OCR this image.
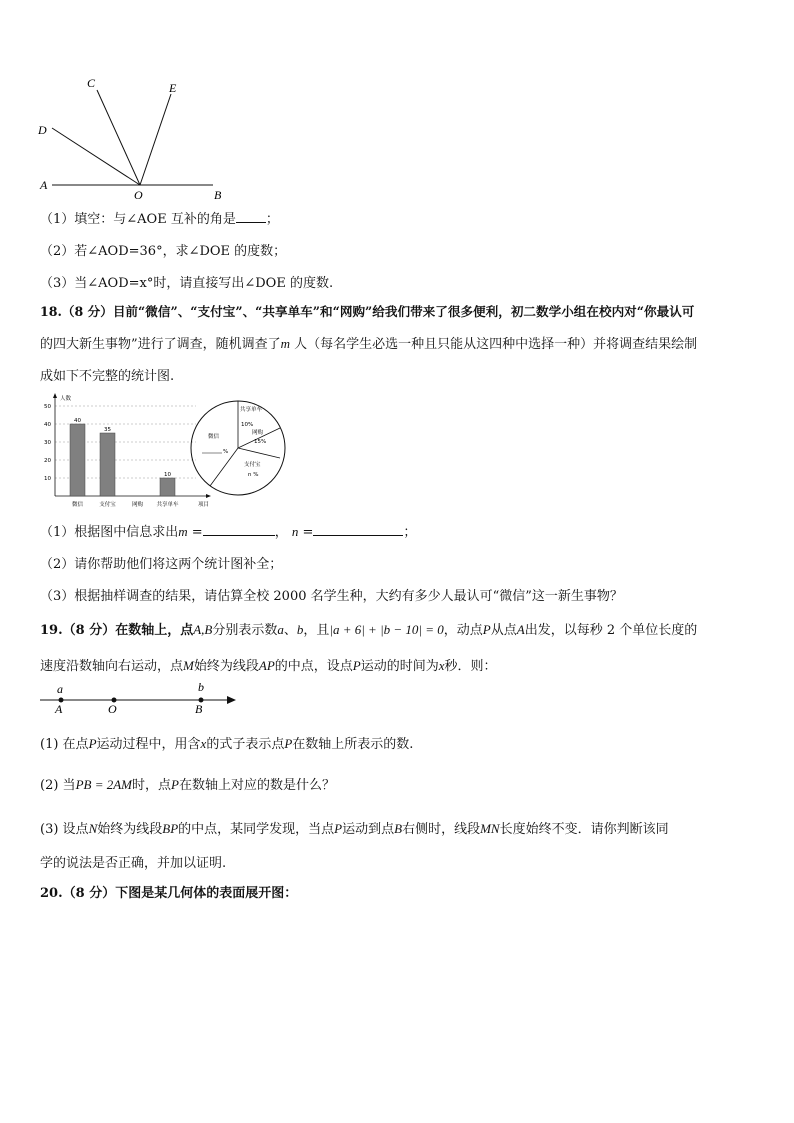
C	E
D
A
O	B
（1）填空：与∠AOE 互补的角是 ；
（2）若∠AOD=36°，求∠DOE 的度数；
（3）当∠AOD=x°时，请直接写出∠DOE 的度数.
18.（8 分）目前“微信”、“支付宝”、“共享单车”和“网购”给我们带来了很多便利，初二数学小组在校内对“你最认可
的四大新生事物”进行了调查，随机调查了m 人（每名学生必选一种且只能从这四种中选择一种）并将调查结果绘制
成如下不完整的统计图.
10
20
30
40
50
人数
项目
40
微信
35
支付宝	网购
10
共享单车
共享单车
10%
网购
15%
支付宝
n %
微信
%
（1）根据图中信息求出m =	， n =	；
（2）请你帮助他们将这两个统计图补全；
（3）根据抽样调查的结果，请估算全校 2000 名学生种，大约有多少人最认可“微信”这一新生事物？
19.（8 分）在数轴上，点A,B分别表示数a、b，且|a + 6| + |b − 10| = 0，动点P从点A出发，以每秒 2 个单位长度的
速度沿数轴向右运动，点M始终为线段AP的中点，设点P运动的时间为x秒．则：
a	b
A	O	B
(1) 在点P运动过程中，用含x的式子表示点P在数轴上所表示的数.
(2) 当PB = 2AM时，点P在数轴上对应的数是什么？
(3) 设点N始终为线段BP的中点，某同学发现，当点P运动到点B右侧时，线段MN长度始终不变．请你判断该同
学的说法是否正确，并加以证明.
20.（8 分）下图是某几何体的表面展开图：
